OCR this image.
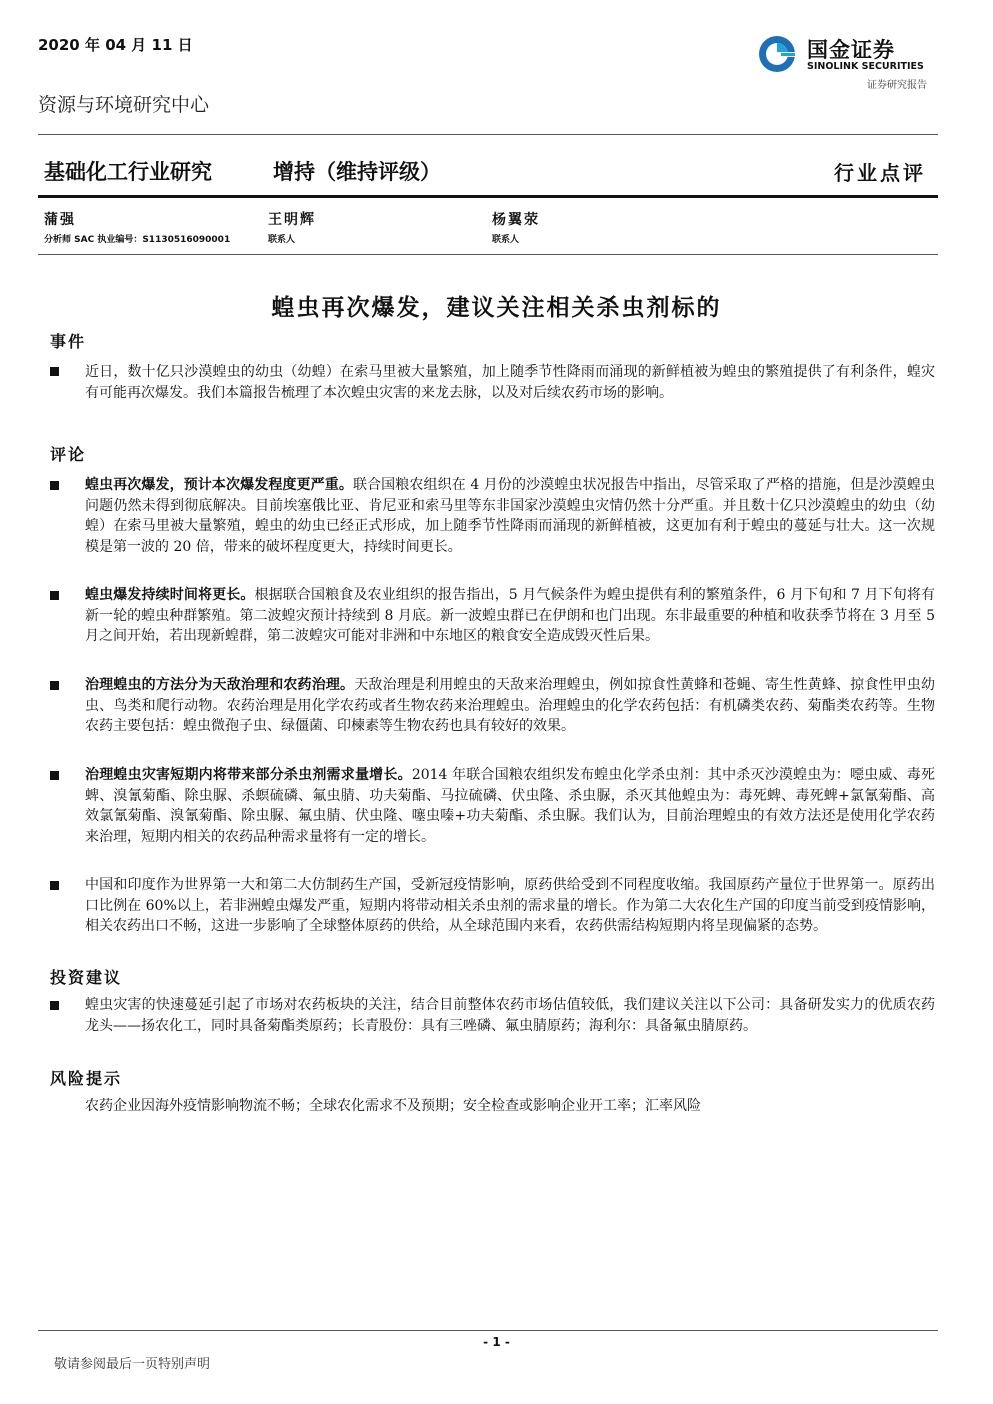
2020 年 04 月 11 日	国金证券
SINOLINK SECURITIES
证券研究报告
资源与环境研究中心
基础化工行业研究	增持（维持评级）	行业点评
蒲强
分析师 SAC 执业编号：S1130516090001
王明辉
联系人
杨翼荥
联系人
蝗虫再次爆发，建议关注相关杀虫剂标的
事件
近日，数十亿只沙漠蝗虫的幼虫（幼蝗）在索马里被大量繁殖，加上随季节性降雨而涌现的新鲜植被为蝗虫的繁殖提供了有利条件，蝗灾有可能再次爆发。我们本篇报告梳理了本次蝗虫灾害的来龙去脉，以及对后续农药市场的影响。
评论
蝗虫再次爆发，预计本次爆发程度更严重。联合国粮农组织在 4 月份的沙漠蝗虫状况报告中指出，尽管采取了严格的措施，但是沙漠蝗虫问题仍然未得到彻底解决。目前埃塞俄比亚、肯尼亚和索马里等东非国家沙漠蝗虫灾情仍然十分严重。并且数十亿只沙漠蝗虫的幼虫（幼蝗）在索马里被大量繁殖，蝗虫的幼虫已经正式形成，加上随季节性降雨而涌现的新鲜植被，这更加有利于蝗虫的蔓延与壮大。这一次规模是第一波的 20 倍，带来的破坏程度更大，持续时间更长。
蝗虫爆发持续时间将更长。根据联合国粮食及农业组织的报告指出，5 月气候条件为蝗虫提供有利的繁殖条件，6 月下旬和 7 月下旬将有新一轮的蝗虫种群繁殖。第二波蝗灾预计持续到 8 月底。新一波蝗虫群已在伊朗和也门出现。东非最重要的种植和收获季节将在 3 月至 5 月之间开始，若出现新蝗群，第二波蝗灾可能对非洲和中东地区的粮食安全造成毁灭性后果。
治理蝗虫的方法分为天敌治理和农药治理。天敌治理是利用蝗虫的天敌来治理蝗虫，例如掠食性黄蜂和苍蝇、寄生性黄蜂、掠食性甲虫幼虫、鸟类和爬行动物。农药治理是用化学农药或者生物农药来治理蝗虫。治理蝗虫的化学农药包括：有机磷类农药、菊酯类农药等。生物农药主要包括：蝗虫微孢子虫、绿僵菌、印楝素等生物农药也具有较好的效果。
治理蝗虫灾害短期内将带来部分杀虫剂需求量增长。2014 年联合国粮农组织发布蝗虫化学杀虫剂：其中杀灭沙漠蝗虫为：噁虫威、毒死蜱、溴氰菊酯、除虫脲、杀螟硫磷、氟虫腈、功夫菊酯、马拉硫磷、伏虫隆、杀虫脲，杀灭其他蝗虫为：毒死蜱、毒死蜱+氯氰菊酯、高效氯氰菊酯、溴氰菊酯、除虫脲、氟虫腈、伏虫隆、噻虫嗪+功夫菊酯、杀虫脲。我们认为，目前治理蝗虫的有效方法还是使用化学农药来治理，短期内相关的农药品种需求量将有一定的增长。
中国和印度作为世界第一大和第二大仿制药生产国，受新冠疫情影响，原药供给受到不同程度收缩。我国原药产量位于世界第一。原药出口比例在 60%以上，若非洲蝗虫爆发严重，短期内将带动相关杀虫剂的需求量的增长。作为第二大农化生产国的印度当前受到疫情影响，相关农药出口不畅，这进一步影响了全球整体原药的供给，从全球范围内来看，农药供需结构短期内将呈现偏紧的态势。
投资建议
蝗虫灾害的快速蔓延引起了市场对农药板块的关注，结合目前整体农药市场估值较低，我们建议关注以下公司：具备研发实力的优质农药龙头——扬农化工，同时具备菊酯类原药；长青股份：具有三唑磷、氟虫腈原药；海利尔：具备氟虫腈原药。
风险提示
农药企业因海外疫情影响物流不畅；全球农化需求不及预期；安全检查或影响企业开工率；汇率风险
- 1 -
敬请参阅最后一页特别声明
